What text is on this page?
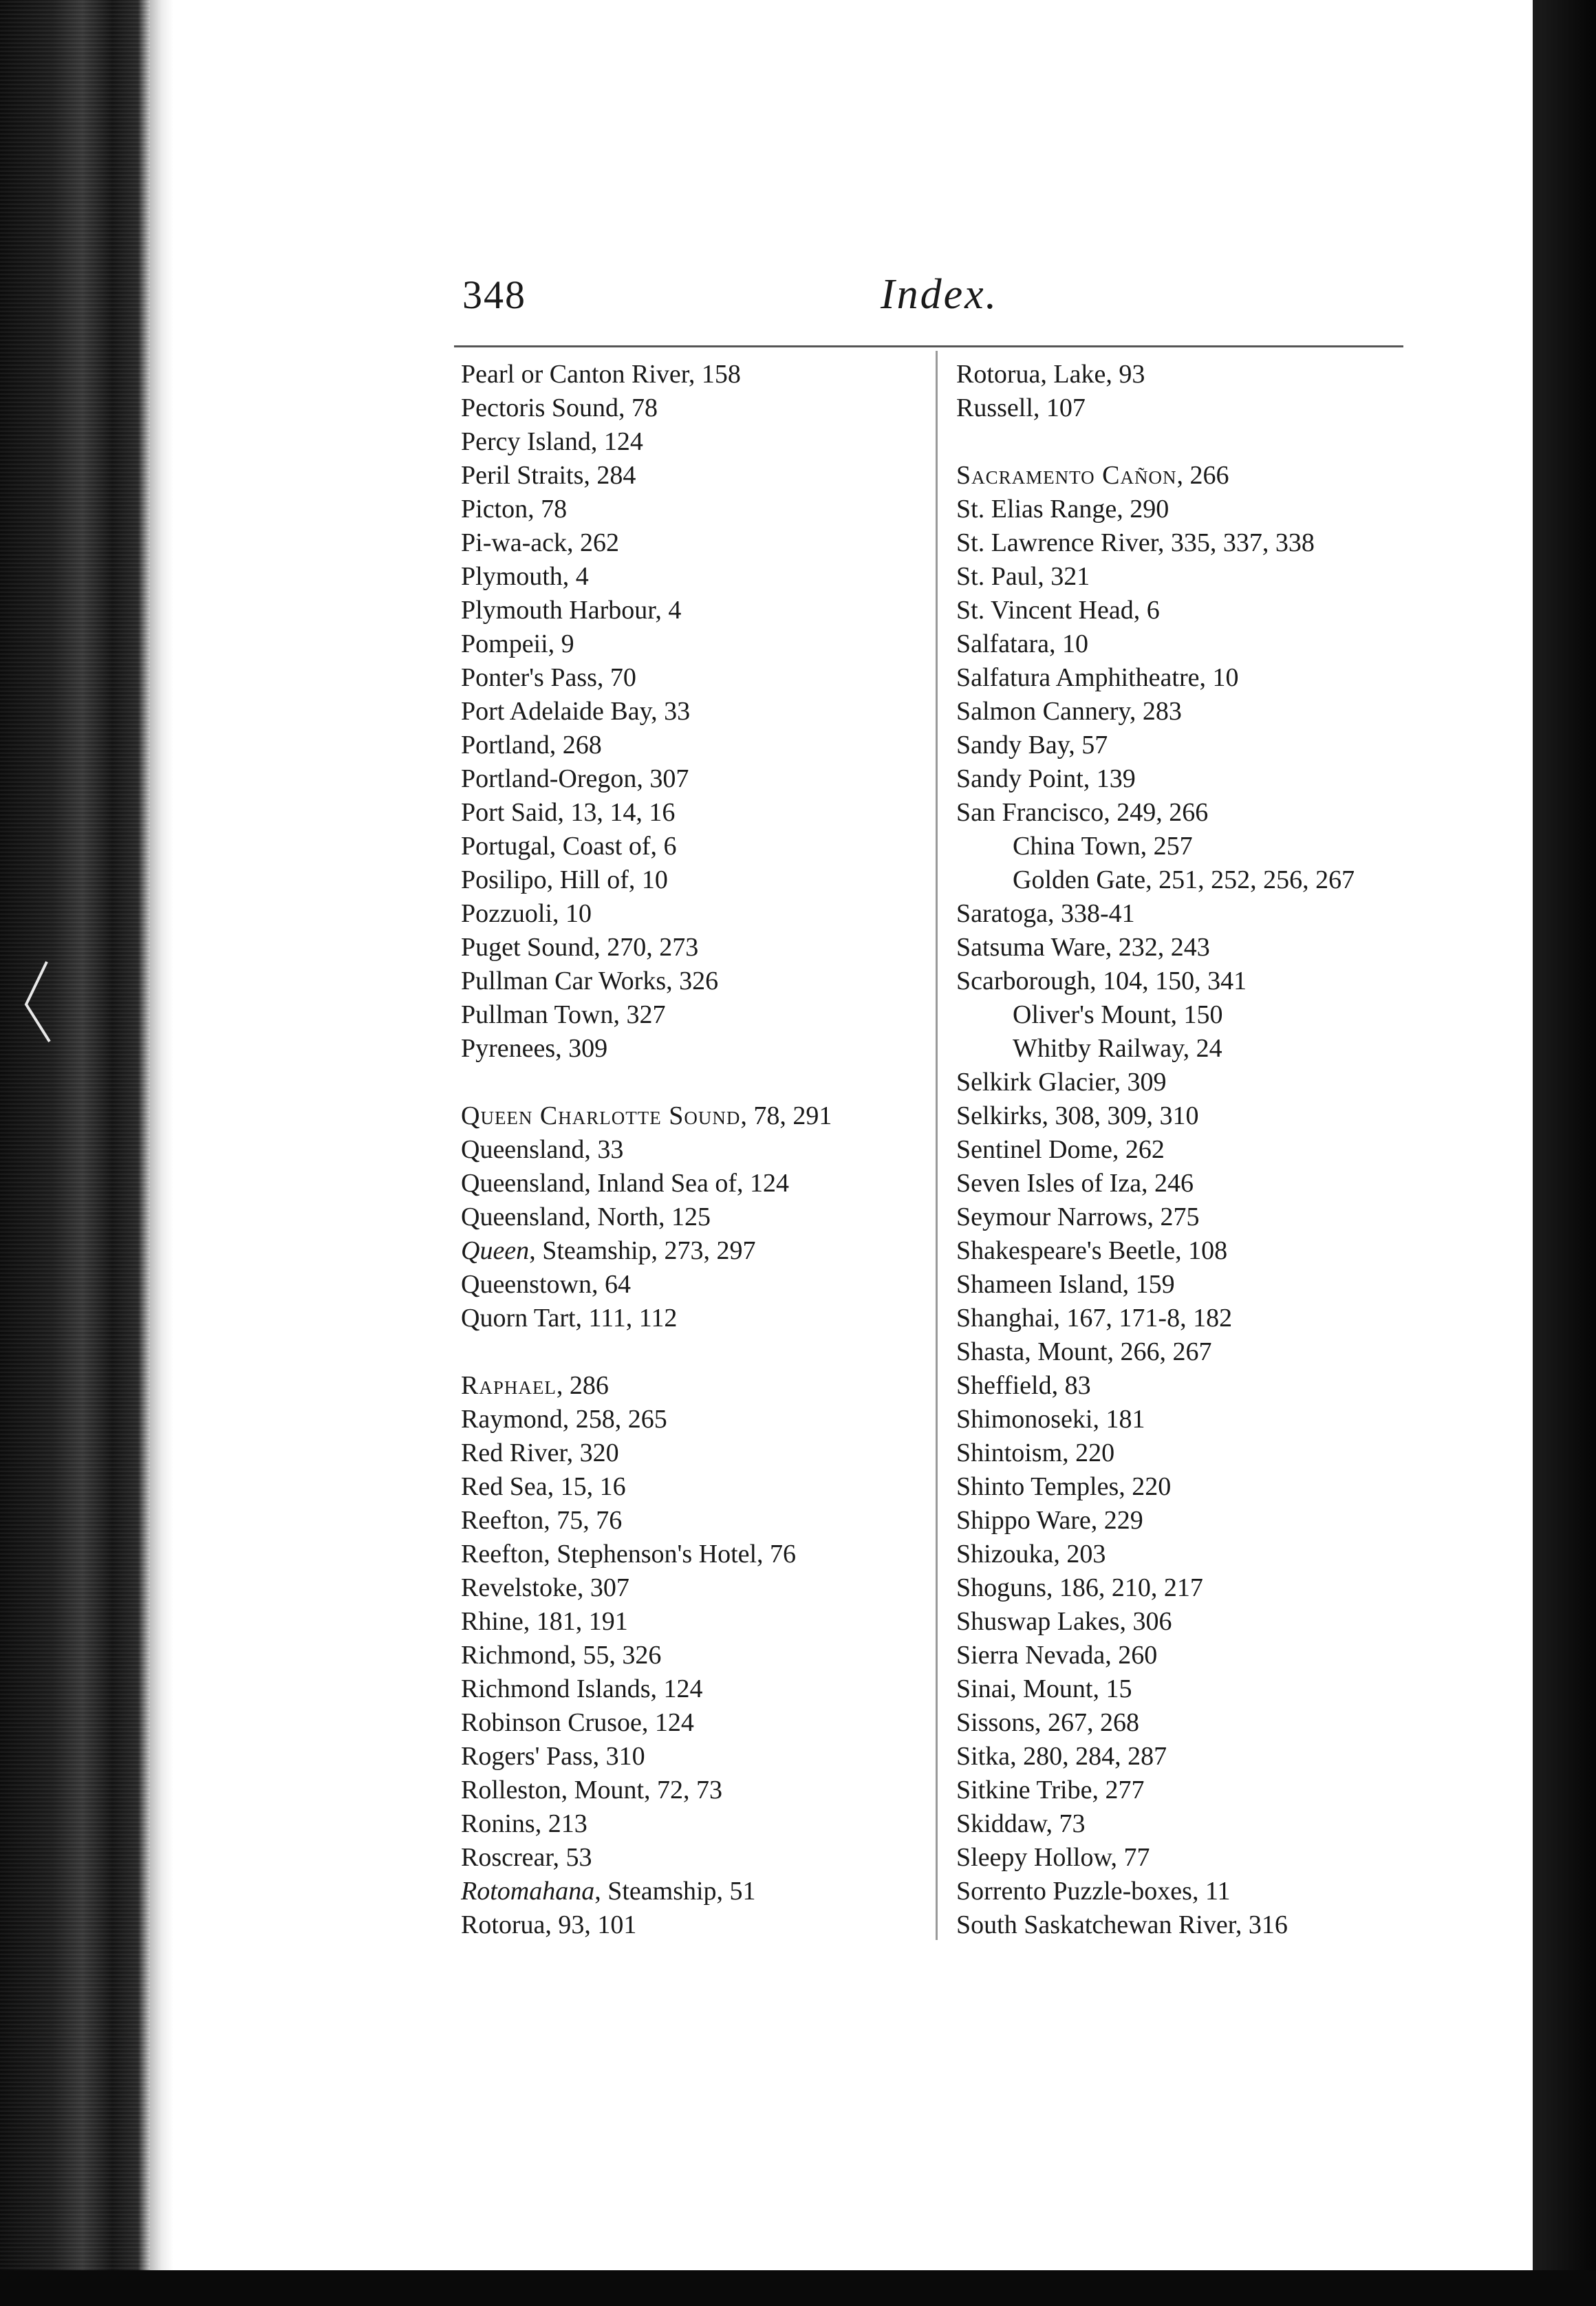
348	Index.
Pearl or Canton River, 158
Pectoris Sound, 78
Percy Island, 124
Peril Straits, 284
Picton, 78
Pi-wa-ack, 262
Plymouth, 4
Plymouth Harbour, 4
Pompeii, 9
Ponter's Pass, 70
Port Adelaide Bay, 33
Portland, 268
Portland-Oregon, 307
Port Said, 13, 14, 16
Portugal, Coast of, 6
Posilipo, Hill of, 10
Pozzuoli, 10
Puget Sound, 270, 273
Pullman Car Works, 326
Pullman Town, 327
Pyrenees, 309
Queen Charlotte Sound, 78, 291
Queensland, 33
Queensland, Inland Sea of, 124
Queensland, North, 125
Queen, Steamship, 273, 297
Queenstown, 64
Quorn Tart, 111, 112
Raphael, 286
Raymond, 258, 265
Red River, 320
Red Sea, 15, 16
Reefton, 75, 76
Reefton, Stephenson's Hotel, 76
Revelstoke, 307
Rhine, 181, 191
Richmond, 55, 326
Richmond Islands, 124
Robinson Crusoe, 124
Rogers' Pass, 310
Rolleston, Mount, 72, 73
Ronins, 213
Roscrear, 53
Rotomahana, Steamship, 51
Rotorua, 93, 101
Rotorua, Lake, 93
Russell, 107
Sacramento Cañon, 266
St. Elias Range, 290
St. Lawrence River, 335, 337, 338
St. Paul, 321
St. Vincent Head, 6
Salfatara, 10
Salfatura Amphitheatre, 10
Salmon Cannery, 283
Sandy Bay, 57
Sandy Point, 139
San Francisco, 249, 266
China Town, 257
Golden Gate, 251, 252, 256, 267
Saratoga, 338-41
Satsuma Ware, 232, 243
Scarborough, 104, 150, 341
Oliver's Mount, 150
Whitby Railway, 24
Selkirk Glacier, 309
Selkirks, 308, 309, 310
Sentinel Dome, 262
Seven Isles of Iza, 246
Seymour Narrows, 275
Shakespeare's Beetle, 108
Shameen Island, 159
Shanghai, 167, 171-8, 182
Shasta, Mount, 266, 267
Sheffield, 83
Shimonoseki, 181
Shintoism, 220
Shinto Temples, 220
Shippo Ware, 229
Shizouka, 203
Shoguns, 186, 210, 217
Shuswap Lakes, 306
Sierra Nevada, 260
Sinai, Mount, 15
Sissons, 267, 268
Sitka, 280, 284, 287
Sitkine Tribe, 277
Skiddaw, 73
Sleepy Hollow, 77
Sorrento Puzzle-boxes, 11
South Saskatchewan River, 316
